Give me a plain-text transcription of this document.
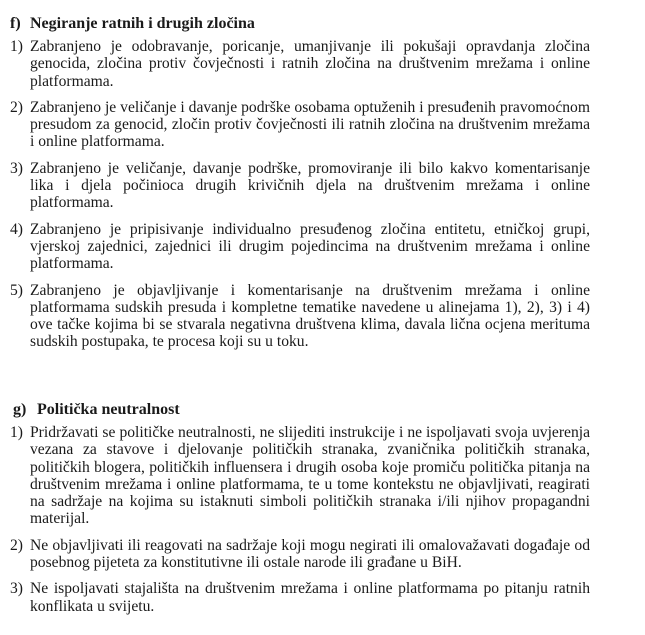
f) Negiranje ratnih i drugih zločina
1) Zabranjeno je odobravanje, poricanje, umanjivanje ili pokušaji opravdanja zločina genocida, zločina protiv čovječnosti i ratnih zločina na društvenim mrežama i online platformama.
2) Zabranjeno je veličanje i davanje podrške osobama optuženih i presuđenih pravomoćnom presudom za genocid, zločin protiv čovječnosti ili ratnih zločina na društvenim mrežama i online platformama.
3) Zabranjeno je veličanje, davanje podrške, promoviranje ili bilo kakvo komentarisanje lika i djela počinioca drugih krivičnih djela na društvenim mrežama i online platformama.
4) Zabranjeno je pripisivanje individualno presuđenog zločina entitetu, etničkoj grupi, vjerskoj zajednici, zajednici ili drugim pojedincima na društvenim mrežama i online platformama.
5) Zabranjeno je objavljivanje i komentarisanje na društvenim mrežama i online platformama sudskih presuda i kompletne tematike navedene u alinejama 1), 2), 3) i 4) ove tačke kojima bi se stvarala negativna društvena klima, davala lična ocjena merituma sudskih postupaka, te procesa koji su u toku.
g) Politička neutralnost
1) Pridržavati se političke neutralnosti, ne slijediti instrukcije i ne ispoljavati svoja uvjerenja vezana za stavove i djelovanje političkih stranaka, zvaničnika političkih stranaka, političkih blogera, političkih influensera i drugih osoba koje promiču politička pitanja na društvenim mrežama i online platformama, te u tome kontekstu ne objavljivati, reagirati na sadržaje na kojima su istaknuti simboli političkih stranaka i/ili njihov propagandni materijal.
2) Ne objavljivati ili reagovati na sadržaje koji mogu negirati ili omalovažavati događaje od posebnog pijeteta za konstitutivne ili ostale narode ili građane u BiH.
3) Ne ispoljavati stajališta na društvenim mrežama i online platformama po pitanju ratnih konflikata u svijetu.
